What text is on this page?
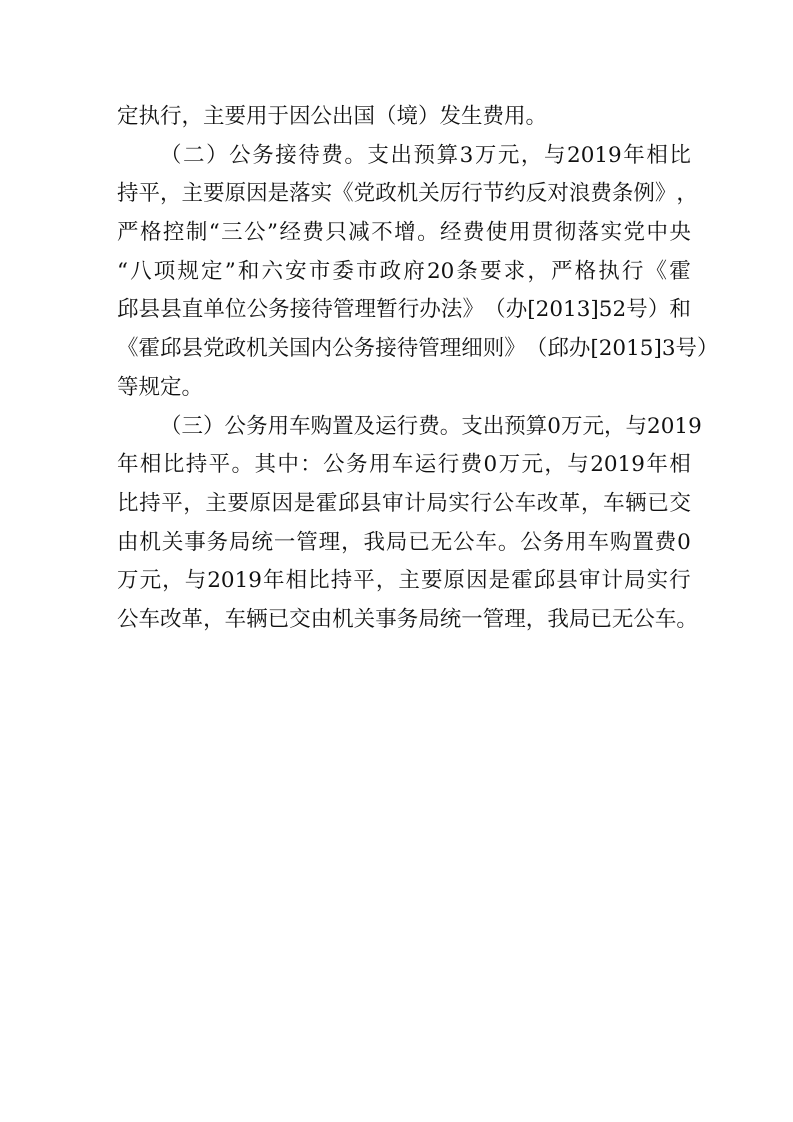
定执行，主要用于因公出国（境）发生费用。
（ 二 ） 公 务 接 待 费 。 支 出 预 算 3 万 元 ， 与 2019 年 相 比
持 平 ， 主 要 原 因 是 落 实 《 党 政 机 关 厉 行 节 约 反 对 浪 费 条 例 》 ，
严 格 控 制 “ 三 公 ” 经 费 只 减 不 增 。 经 费 使 用 贯 彻 落 实 党 中 央
“ 八 项 规 定 ” 和 六 安 市 委 市 政 府 20 条 要 求 ， 严 格 执 行 《 霍
邱 县 县 直 单 位 公 务 接 待 管 理 暂 行 办 法 》 （ 办 [2013]52 号 ） 和
《 霍 邱 县 党 政 机 关 国 内 公 务 接 待 管 理 细 则 》 （ 邱 办 [2015]3 号 ）
等规定。
（ 三 ） 公 务 用 车 购 置 及 运 行 费 。 支 出 预 算 0 万 元 ， 与 2019
年 相 比 持 平 。 其 中 ： 公 务 用 车 运 行 费 0 万 元 ， 与 2019 年 相
比 持 平 ， 主 要 原 因 是 霍 邱 县 审 计 局 实 行 公 车 改 革 ， 车 辆 已 交
由 机 关 事 务 局 统 一 管 理 ， 我 局 已 无 公 车 。 公 务 用 车 购 置 费 0
万 元 ， 与 2019 年 相 比 持 平 ， 主 要 原 因 是 霍 邱 县 审 计 局 实 行
公 车 改 革 ， 车 辆 已 交 由 机 关 事 务 局 统 一 管 理 ， 我 局 已 无 公 车 。
